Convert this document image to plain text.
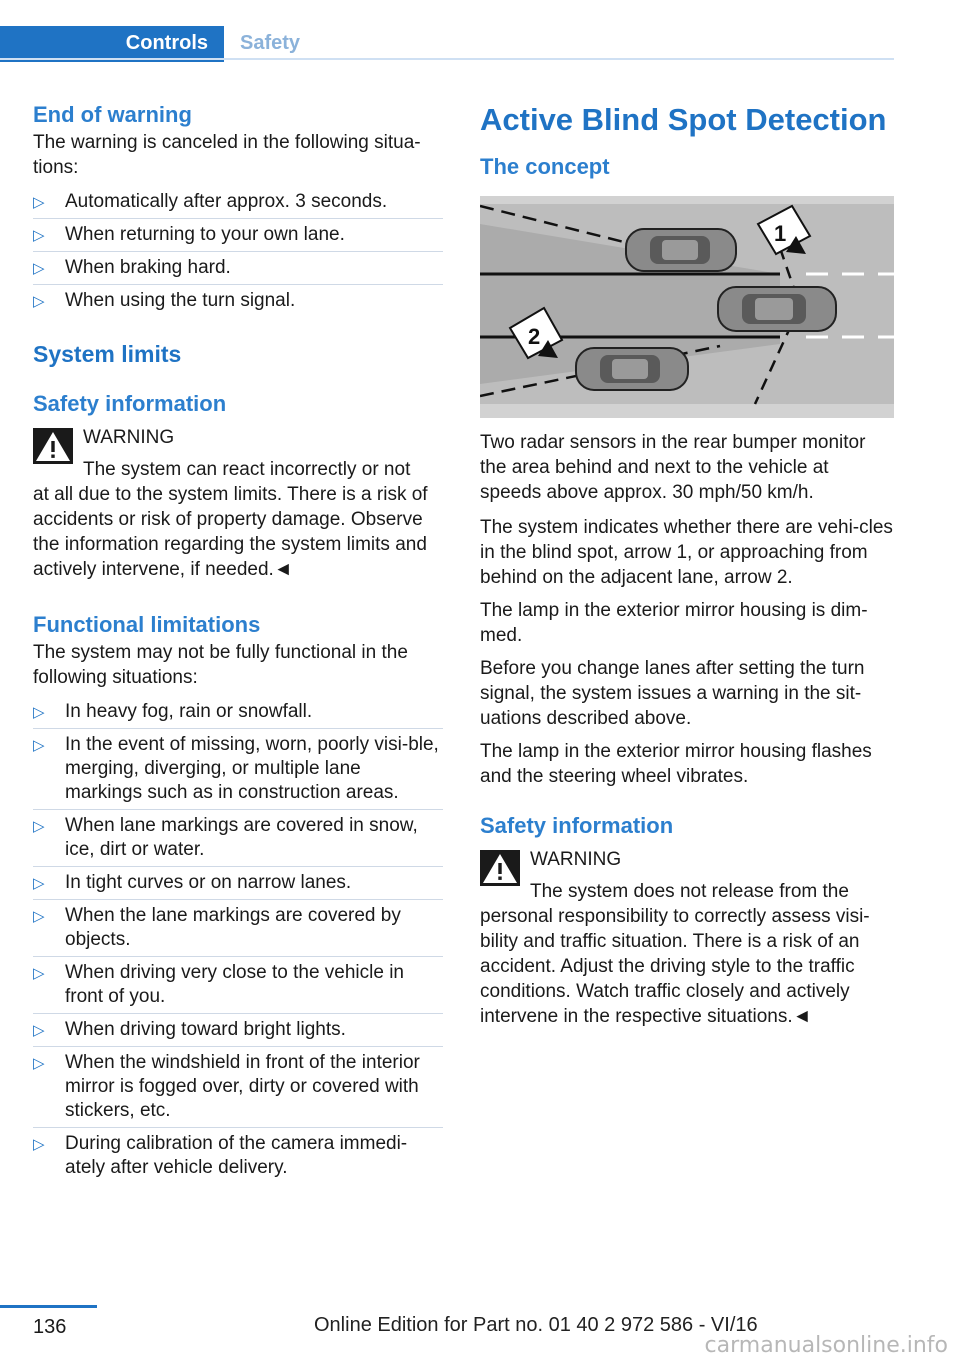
Controls	Safety
End of warning

The warning is canceled in the following situa‐tions:

▷ Automatically after approx. 3 seconds.
▷ When returning to your own lane.
▷ When braking hard.
▷ When using the turn signal.
System limits
Safety information
WARNING
The system can react incorrectly or not
at all due to the system limits. There is a risk of accidents or risk of property damage. Observe the information regarding the system limits and actively intervene, if needed.◄
Functional limitations

The system may not be fully functional in the following situations:

▷ In heavy fog, rain or snowfall.
▷ In the event of missing, worn, poorly visi‐ble, merging, diverging, or multiple lane markings such as in construction areas.
▷ When lane markings are covered in snow, ice, dirt or water.
▷ In tight curves or on narrow lanes.
▷ When the lane markings are covered by objects.
▷ When driving very close to the vehicle in front of you.
▷ When driving toward bright lights.
▷ When the windshield in front of the interior mirror is fogged over, dirty or covered with stickers, etc.
▷ During calibration of the camera immedi‐ately after vehicle delivery.
Active Blind Spot Detection
The concept
1
2

Two radar sensors in the rear bumper monitor the area behind and next to the vehicle at speeds above approx. 30 mph/50 km/h.

The system indicates whether there are vehi‐cles in the blind spot, arrow 1, or approaching from behind on the adjacent lane, arrow 2.

The lamp in the exterior mirror housing is dim‐med.

Before you change lanes after setting the turn signal, the system issues a warning in the sit‐uations described above.

The lamp in the exterior mirror housing flashes and the steering wheel vibrates.

Safety information
WARNING
The system does not release from the
personal responsibility to correctly assess visi‐bility and traffic situation. There is a risk of an accident. Adjust the driving style to the traffic conditions. Watch traffic closely and actively intervene in the respective situations.◄
136	Online Edition for Part no. 01 40 2 972 586 - VI/16
carmanualsonline.info
